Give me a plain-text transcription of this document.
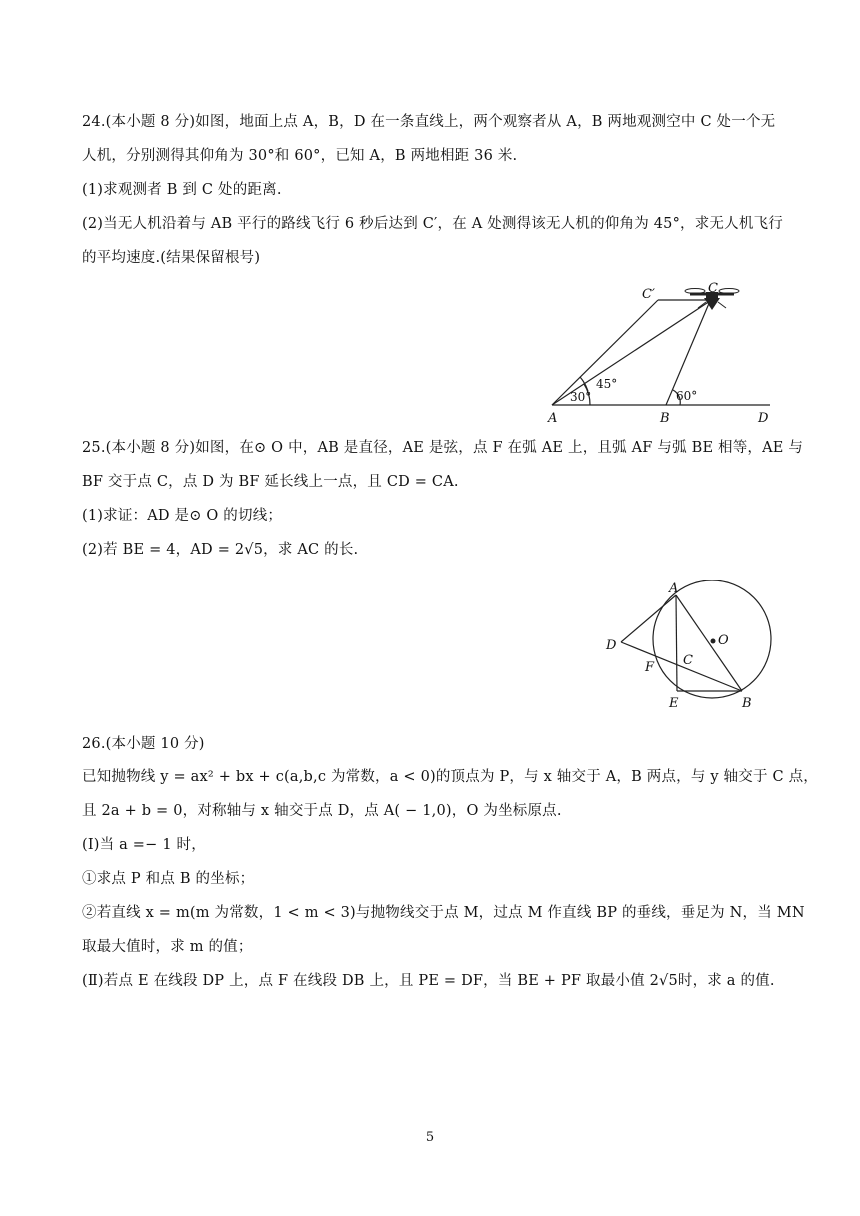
24.(本小题 8 分)如图，地面上点 A，B，D 在一条直线上，两个观察者从 A，B 两地观测空中 C 处一个无
人机，分别测得其仰角为 30°和 60°，已知 A，B 两地相距 36 米.
(1)求观测者 B 到 C 处的距离.
(2)当无人机沿着与 AB 平行的路线飞行 6 秒后达到 C′，在 A 处测得该无人机的仰角为 45°，求无人机飞行
的平均速度.(结果保留根号)
C
C′
A	B	D
30°
45°
60°
25.(本小题 8 分)如图，在⊙ O 中，AB 是直径，AE 是弦，点 F 在弧 AE 上，且弧 AF 与弧 BE 相等，AE 与
BF 交于点 C，点 D 为 BF 延长线上一点，且 CD = CA.
(1)求证：AD 是⊙ O 的切线；
(2)若 BE = 4，AD = 2√5，求 AC 的长.
A
O
D
C
F
E	B
26.(本小题 10 分)
已知抛物线 y = ax² + bx + c(a,b,c 为常数，a < 0)的顶点为 P，与 x 轴交于 A，B 两点，与 y 轴交于 C 点，
且 2a + b = 0，对称轴与 x 轴交于点 D，点 A( − 1,0)，O 为坐标原点.
(Ⅰ)当 a =− 1 时，
①求点 P 和点 B 的坐标；
②若直线 x = m(m 为常数，1 < m < 3)与抛物线交于点 M，过点 M 作直线 BP 的垂线，垂足为 N，当 MN
取最大值时，求 m 的值；
(Ⅱ)若点 E 在线段 DP 上，点 F 在线段 DB 上，且 PE = DF，当 BE + PF 取最小值 2√5时，求 a 的值.
5
